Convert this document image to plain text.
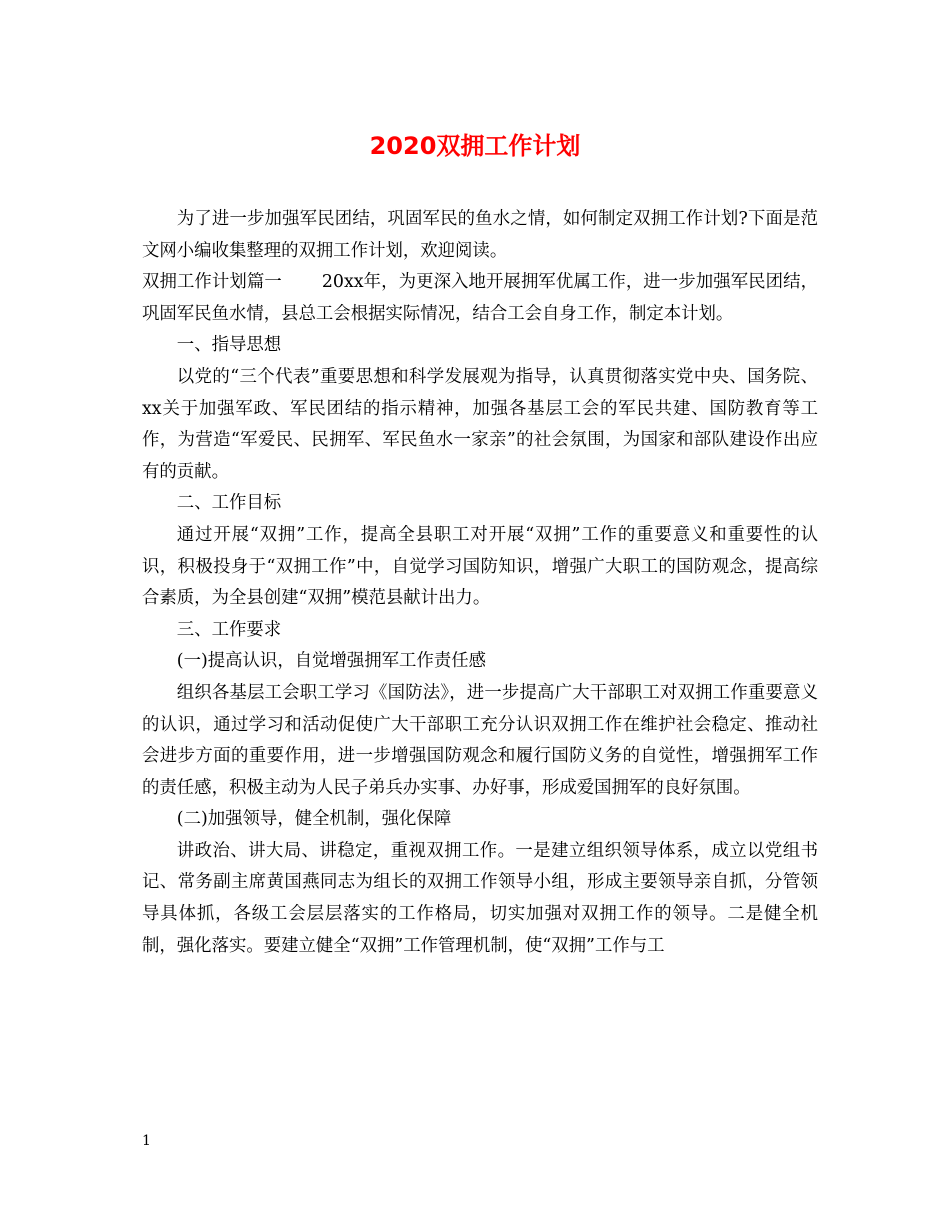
2020双拥工作计划

为了进一步加强军民团结，巩固军民的鱼水之情，如何制定双拥工作计划?下面是范文网小编收集整理的双拥工作计划，欢迎阅读。

双拥工作计划篇一 20xx年，为更深入地开展拥军优属工作，进一步加强军民团结，巩固军民鱼水情，县总工会根据实际情况，结合工会自身工作，制定本计划。

一、指导思想

以党的“三个代表”重要思想和科学发展观为指导，认真贯彻落实党中央、国务院、xx关于加强军政、军民团结的指示精神，加强各基层工会的军民共建、国防教育等工作，为营造“军爱民、民拥军、军民鱼水一家亲”的社会氛围，为国家和部队建设作出应有的贡献。

二、工作目标

通过开展“双拥”工作，提高全县职工对开展“双拥”工作的重要意义和重要性的认识，积极投身于“双拥工作”中，自觉学习国防知识，增强广大职工的国防观念，提高综合素质，为全县创建“双拥”模范县献计出力。

三、工作要求

(一)提高认识，自觉增强拥军工作责任感

组织各基层工会职工学习《国防法》，进一步提高广大干部职工对双拥工作重要意义的认识，通过学习和活动促使广大干部职工充分认识双拥工作在维护社会稳定、推动社会进步方面的重要作用，进一步增强国防观念和履行国防义务的自觉性，增强拥军工作的责任感，积极主动为人民子弟兵办实事、办好事，形成爱国拥军的良好氛围。

(二)加强领导，健全机制，强化保障

讲政治、讲大局、讲稳定，重视双拥工作。一是建立组织领导体系，成立以党组书记、常务副主席黄国燕同志为组长的双拥工作领导小组，形成主要领导亲自抓，分管领导具体抓，各级工会层层落实的工作格局，切实加强对双拥工作的领导。二是健全机制，强化落实。要建立健全“双拥”工作管理机制，使“双拥”工作与工

1
